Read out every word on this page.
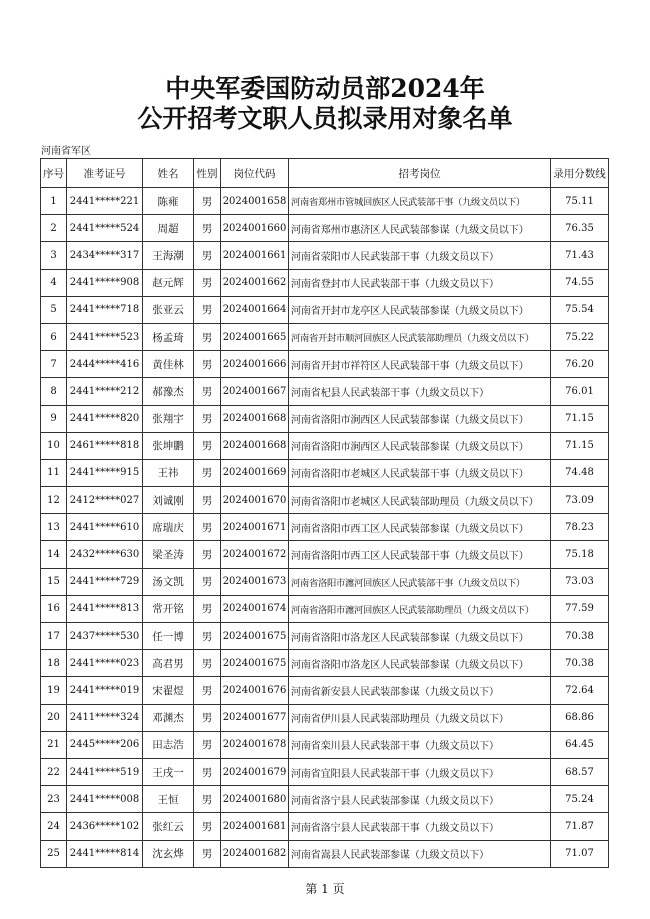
中央军委国防动员部2024年
公开招考文职人员拟录用对象名单
河南省军区
序号	准考证号	姓名	性别	岗位代码	招考岗位	录用分数线
1	2441*****221	陈雍	男	2024001658	河南省郑州市管城回族区人民武装部干事（九级文员以下）	75.11
2	2441*****524	周超	男	2024001660	河南省郑州市惠济区人民武装部参谋（九级文员以下）	76.35
3	2434*****317	王海潮	男	2024001661	河南省荥阳市人民武装部干事（九级文员以下）	71.43
4	2441*****908	赵元辉	男	2024001662	河南省登封市人民武装部干事（九级文员以下）	74.55
5	2441*****718	张亚云	男	2024001664	河南省开封市龙亭区人民武装部参谋（九级文员以下）	75.54
6	2441*****523	杨孟琦	男	2024001665	河南省开封市顺河回族区人民武装部助理员（九级文员以下）	75.22
7	2444*****416	黄佳林	男	2024001666	河南省开封市祥符区人民武装部干事（九级文员以下）	76.20
8	2441*****212	郝豫杰	男	2024001667	河南省杞县人民武装部干事（九级文员以下）	76.01
9	2441*****820	张翔宇	男	2024001668	河南省洛阳市涧西区人民武装部参谋（九级文员以下）	71.15
10	2461*****818	张坤鹏	男	2024001668	河南省洛阳市涧西区人民武装部参谋（九级文员以下）	71.15
11	2441*****915	王祎	男	2024001669	河南省洛阳市老城区人民武装部干事（九级文员以下）	74.48
12	2412*****027	刘诚刚	男	2024001670	河南省洛阳市老城区人民武装部助理员（九级文员以下）	73.09
13	2441*****610	席瑞庆	男	2024001671	河南省洛阳市西工区人民武装部参谋（九级文员以下）	78.23
14	2432*****630	梁圣涛	男	2024001672	河南省洛阳市西工区人民武装部干事（九级文员以下）	75.18
15	2441*****729	汤文凯	男	2024001673	河南省洛阳市瀍河回族区人民武装部干事（九级文员以下）	73.03
16	2441*****813	常开铭	男	2024001674	河南省洛阳市瀍河回族区人民武装部助理员（九级文员以下）	77.59
17	2437*****530	任一博	男	2024001675	河南省洛阳市洛龙区人民武装部参谋（九级文员以下）	70.38
18	2441*****023	高君男	男	2024001675	河南省洛阳市洛龙区人民武装部参谋（九级文员以下）	70.38
19	2441*****019	宋翟煜	男	2024001676	河南省新安县人民武装部参谋（九级文员以下）	72.64
20	2411*****324	邓渊杰	男	2024001677	河南省伊川县人民武装部助理员（九级文员以下）	68.86
21	2445*****206	田志浩	男	2024001678	河南省栾川县人民武装部干事（九级文员以下）	64.45
22	2441*****519	王戌一	男	2024001679	河南省宜阳县人民武装部干事（九级文员以下）	68.57
23	2441*****008	王恒	男	2024001680	河南省洛宁县人民武装部参谋（九级文员以下）	75.24
24	2436*****102	张红云	男	2024001681	河南省洛宁县人民武装部干事（九级文员以下）	71.87
25	2441*****814	沈玄烨	男	2024001682	河南省嵩县人民武装部参谋（九级文员以下）	71.07
第 1 页
